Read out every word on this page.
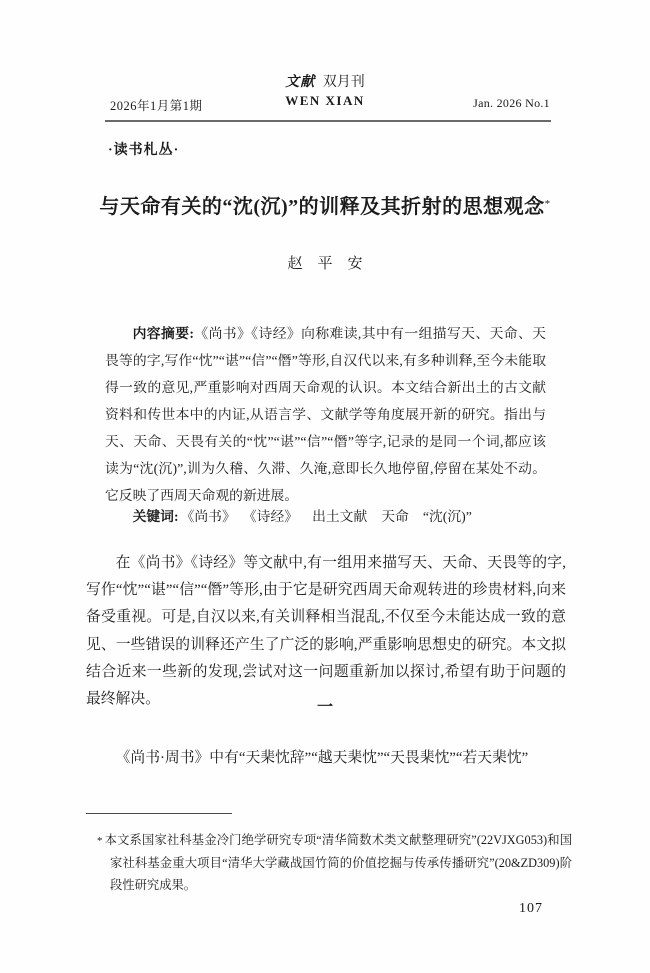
2026年1月第1期
文献 双月刊
WEN XIAN	Jan. 2026 No.1
·读书札丛·
与天命有关的“沈(沉)”的训释及其折射的思想观念*
赵　平　安

内容摘要:《尚书》《诗经》向称难读,其中有一组描写天、天命、天畏等的字,写作“忱”“谌”“信”“僭”等形,自汉代以来,有多种训释,至今未能取得一致的意见,严重影响对西周天命观的认识。本文结合新出土的古文献资料和传世本中的内证,从语言学、文献学等角度展开新的研究。指出与天、天命、天畏有关的“忱”“谌”“信”“僭”等字,记录的是同一个词,都应该读为“沈(沉)”,训为久稽、久滞、久淹,意即长久地停留,停留在某处不动。它反映了西周天命观的新进展。

关键词: 《尚书》 《诗经》 出土文献 天命 “沈(沉)”

在《尚书》《诗经》等文献中,有一组用来描写天、天命、天畏等的字,写作“忱”“谌”“信”“僭”等形,由于它是研究西周天命观转进的珍贵材料,向来备受重视。可是,自汉以来,有关训释相当混乱,不仅至今未能达成一致的意见、一些错误的训释还产生了广泛的影响,严重影响思想史的研究。本文拟结合近来一些新的发现,尝试对这一问题重新加以探讨,希望有助于问题的最终解决。	一

《尚书·周书》中有“天棐忱辞”“越天棐忱”“天畏棐忱”“若天棐忱”

* 本文系国家社科基金冷门绝学研究专项“清华简数术类文献整理研究”(22VJXG053)和国家社科基金重大项目“清华大学藏战国竹简的价值挖掘与传承传播研究”(20&ZD309)阶段性研究成果。

107
